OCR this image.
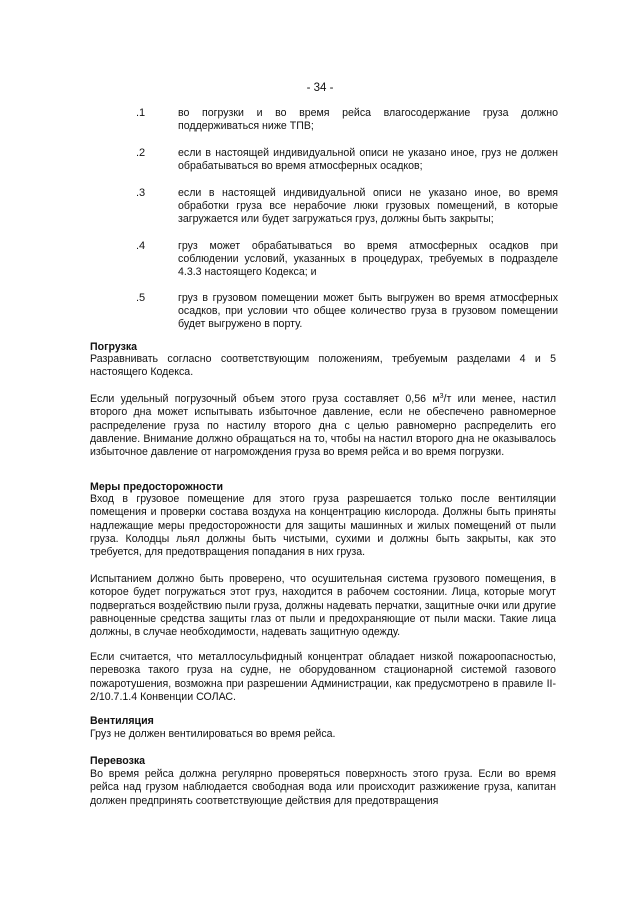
- 34 -
.1	во погрузки и во время рейса влагосодержание груза должно поддерживаться ниже ТПВ;
.2	если в настоящей индивидуальной описи не указано иное, груз не должен обрабатываться во время атмосферных осадков;
.3	если в настоящей индивидуальной описи не указано иное, во время обработки груза все нерабочие люки грузовых помещений, в которые загружается или будет загружаться груз, должны быть закрыты;
.4	груз может обрабатываться во время атмосферных осадков при соблюдении условий, указанных в процедурах, требуемых в подразделе 4.3.3 настоящего Кодекса; и
.5	груз в грузовом помещении может быть выгружен во время атмосферных осадков, при условии что общее количество груза в грузовом помещении будет выгружено в порту.
Погрузка

Разравнивать согласно соответствующим положениям, требуемым разделами 4 и 5 настоящего Кодекса.

Если удельный погрузочный объем этого груза составляет 0,56 $м^3/т$ или менее, настил второго дна может испытывать избыточное давление, если не обеспечено равномерное распределение груза по настилу второго дна с целью равномерно распределить его давление. Внимание должно обращаться на то, чтобы на настил второго дна не оказывалось избыточное давление от нагромождения груза во время рейса и во время погрузки.

Меры предосторожности

Вход в грузовое помещение для этого груза разрешается только после вентиляции помещения и проверки состава воздуха на концентрацию кислорода. Должны быть приняты надлежащие меры предосторожности для защиты машинных и жилых помещений от пыли груза. Колодцы льял должны быть чистыми, сухими и должны быть закрыты, как это требуется, для предотвращения попадания в них груза.

Испытанием должно быть проверено, что осушительная система грузового помещения, в которое будет погружаться этот груз, находится в рабочем состоянии. Лица, которые могут подвергаться воздействию пыли груза, должны надевать перчатки, защитные очки или другие равноценные средства защиты глаз от пыли и предохраняющие от пыли маски. Такие лица должны, в случае необходимости, надевать защитную одежду.

Если считается, что металлосульфидный концентрат обладает низкой пожароопасностью, перевозка такого груза на судне, не оборудованном стационарной системой газового пожаротушения, возможна при разрешении Администрации, как предусмотрено в правиле II-2/10.7.1.4 Конвенции СОЛАС.

Вентиляция

Груз не должен вентилироваться во время рейса.

Перевозка

Во время рейса должна регулярно проверяться поверхность этого груза. Если во время рейса над грузом наблюдается свободная вода или происходит разжижение груза, капитан должен предпринять соответствующие действия для предотвращения
